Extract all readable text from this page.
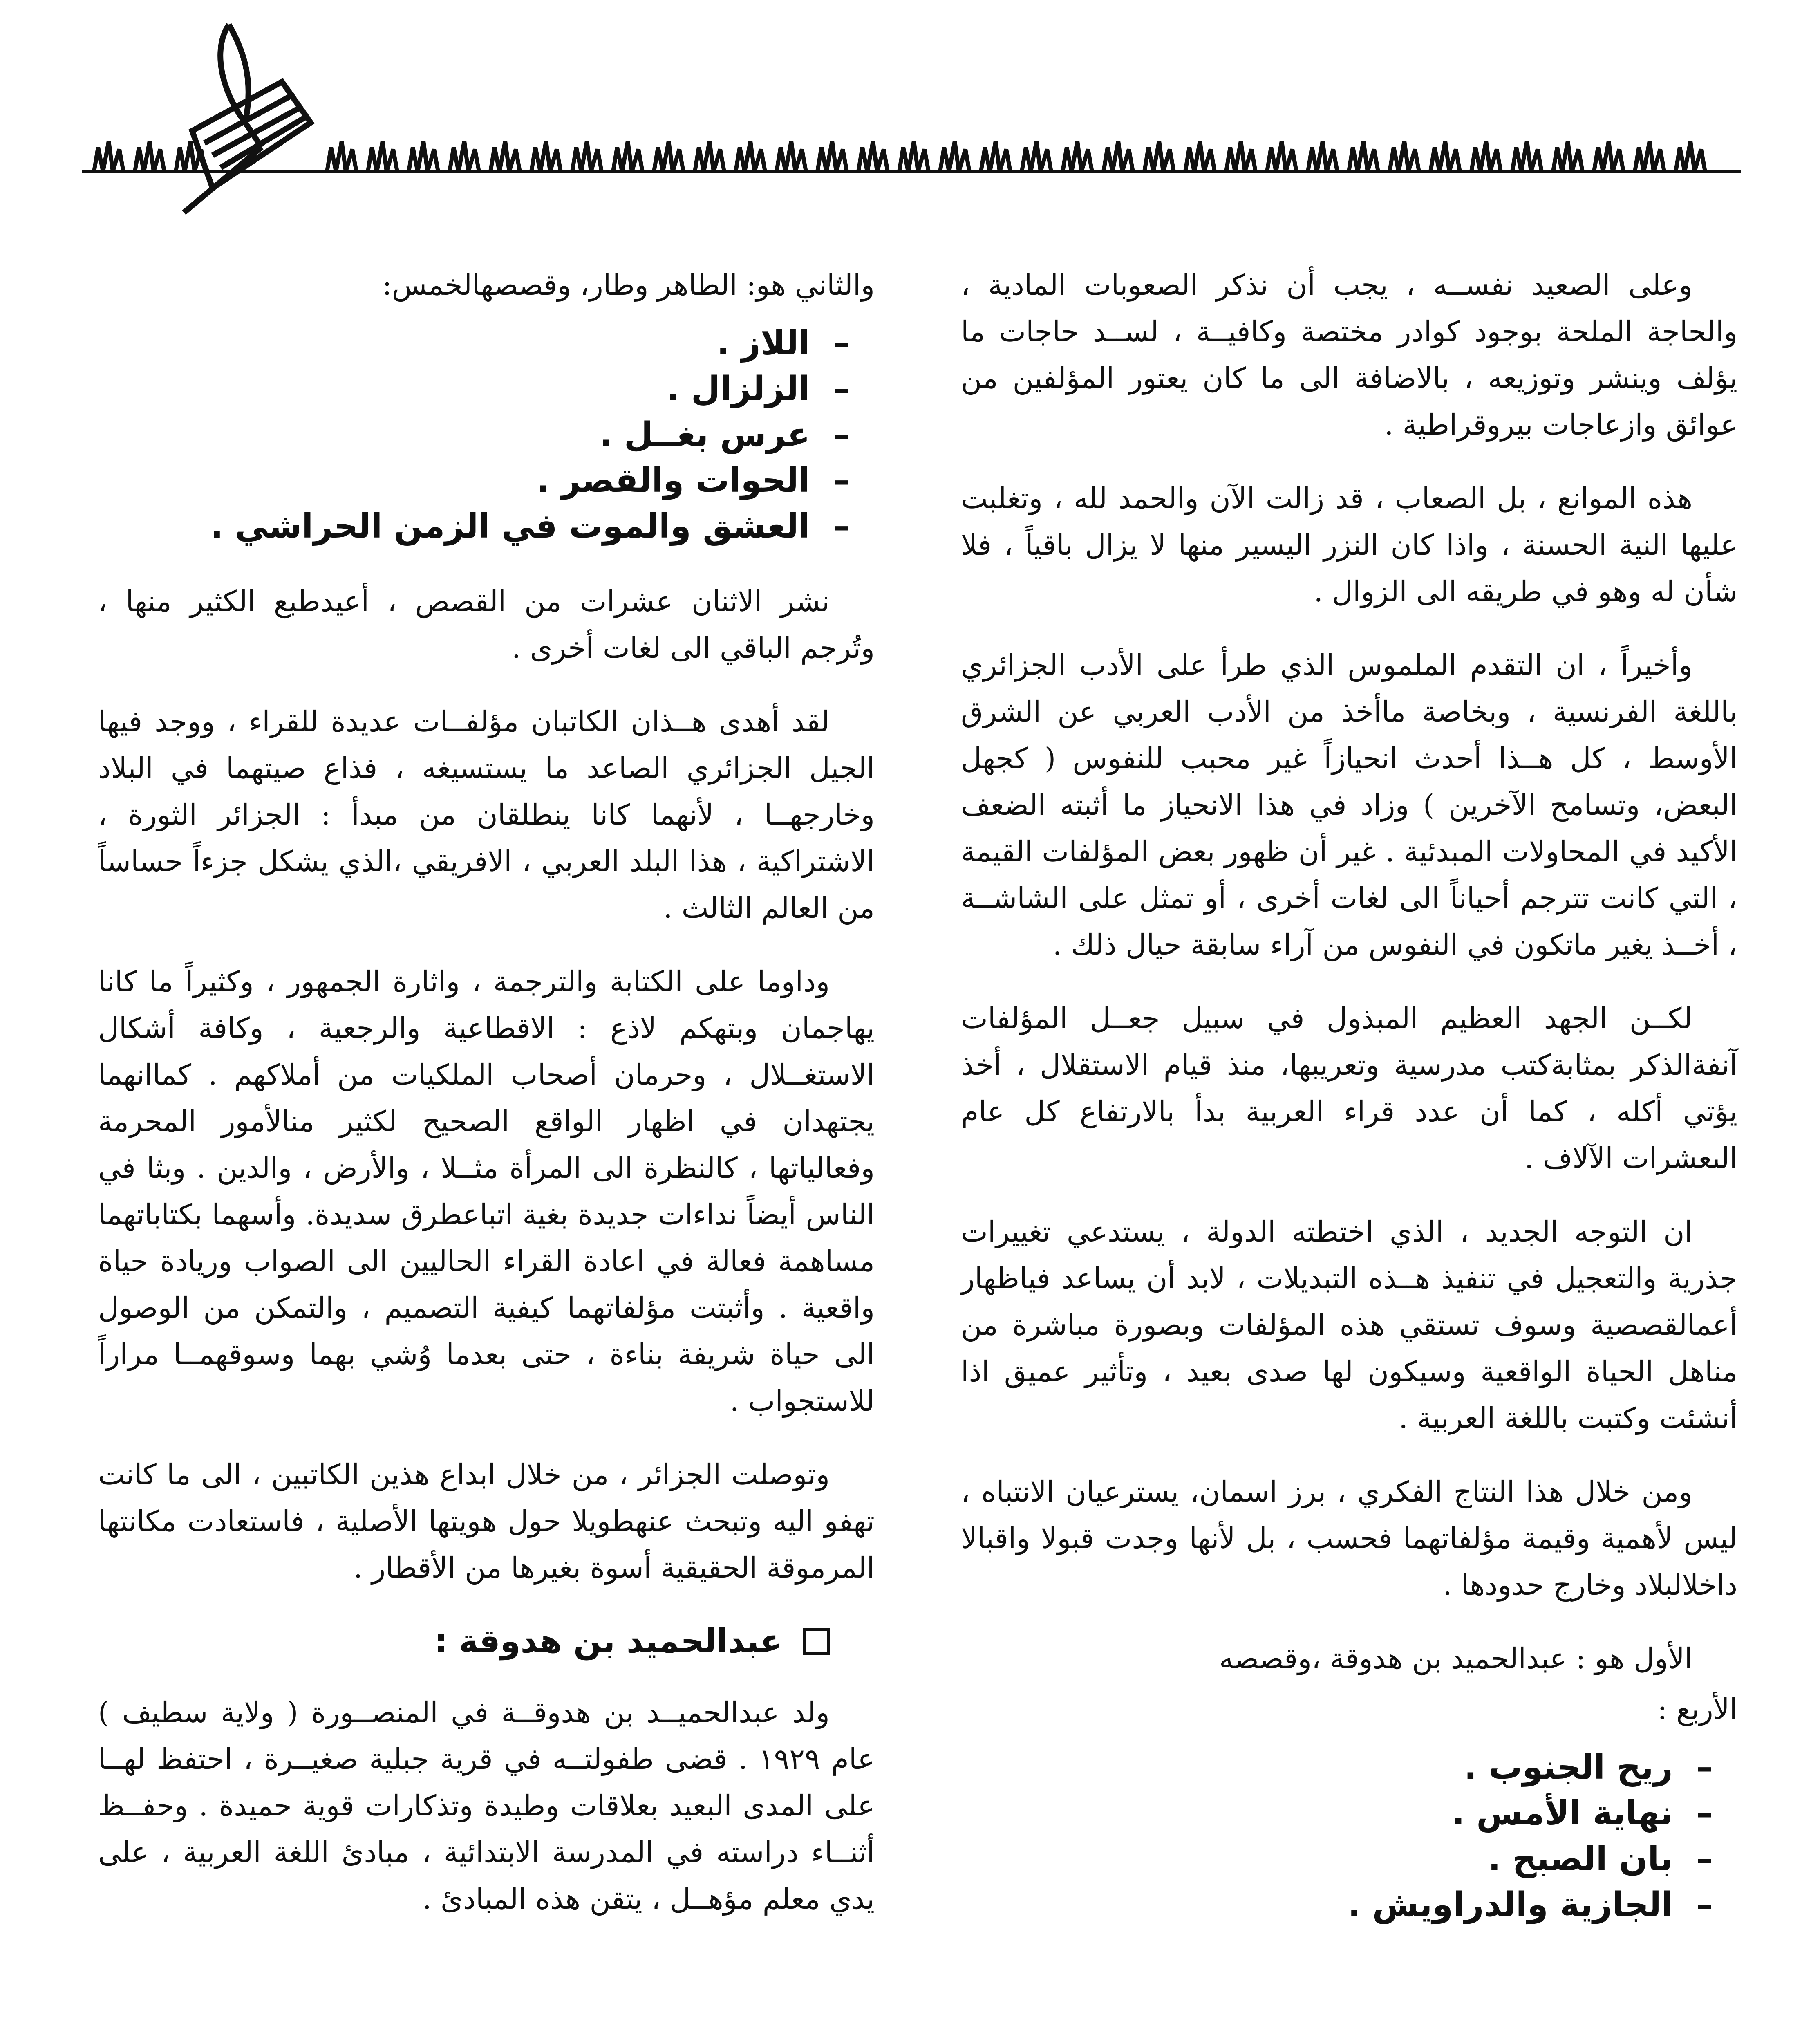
وعلى الصعيد نفســه ، يجب أن نذكر الصعوبات المادية ، والحاجة الملحة بوجود كوادر مختصة وكافيــة ، لســد حاجات ما يؤلف وينشر وتوزيعه ، بالاضافة الى ما كان يعتور المؤلفين من عوائق وازعاجات بيروقراطية .

هذه الموانع ، بل الصعاب ، قد زالت الآن والحمد لله ، وتغلبت عليها النية الحسنة ، واذا كان النزر اليسير منها لا يزال باقياً ، فلا شأن له وهو في طريقه الى الزوال .

وأخيراً ، ان التقدم الملموس الذي طرأ على الأدب الجزائري باللغة الفرنسية ، وبخاصة ماأخذ من الأدب العربي عن الشرق الأوسط ، كل هــذا أحدث انحيازاً غير محبب للنفوس ( كجهل البعض، وتسامح الآخرين ) وزاد في هذا الانحياز ما أثبته الضعف الأكيد في المحاولات المبدئية . غير أن ظهور بعض المؤلفات القيمة ، التي كانت تترجم أحياناً الى لغات أخرى ، أو تمثل على الشاشــة ، أخــذ يغير ماتكون في النفوس من آراء سابقة حيال ذلك .

لكــن الجهد العظيم المبذول في سبيل جعــل المؤلفات آنفةالذكر بمثابةكتب مدرسية وتعريبها، منذ قيام الاستقلال ، أخذ يؤتي أكله ، كما أن عدد قراء العربية بدأ بالارتفاع كل عام الىعشرات الآلاف .

ان التوجه الجديد ، الذي اختطته الدولة ، يستدعي تغييرات جذرية والتعجيل في تنفيذ هــذه التبديلات ، لابد أن يساعد فياظهار أعمالقصصية وسوف تستقي هذه المؤلفات وبصورة مباشرة من مناهل الحياة الواقعية وسيكون لها صدى بعيد ، وتأثير عميق اذا أنشئت وكتبت باللغة العربية .

ومن خلال هذا النتاج الفكري ، برز اسمان، يسترعيان الانتباه ، ليس لأهمية وقيمة مؤلفاتهما فحسب ، بل لأنها وجدت قبولا واقبالا داخلالبلاد وخارج حدودها .

الأول هو : عبدالحميد بن هدوقة ،وقصصه

الأربع :

–  ريح الجنوب .
–  نهاية الأمس .
–  بان الصبح .
–  الجازية والدراويش .

والثاني هو: الطاهر وطار، وقصصهالخمس:

–  اللاز .
–  الزلزال .
–  عرس بغــل .
–  الحوات والقصر .
–  العشق والموت في الزمن الحراشي .

نشر الاثنان عشرات من القصص ، أعيدطبع الكثير منها ، وتُرجم الباقي الى لغات أخرى .

لقد أهدى هــذان الكاتبان مؤلفــات عديدة للقراء ، ووجد فيها الجيل الجزائري الصاعد ما يستسيغه ، فذاع صيتهما في البلاد وخارجهــا ، لأنهما كانا ينطلقان من مبدأ : الجزائر الثورة ، الاشتراكية ، هذا البلد العربي ، الافريقي ،الذي يشكل جزءاً حساساً من العالم الثالث .

وداوما على الكتابة والترجمة ، واثارة الجمهور ، وكثيراً ما كانا يهاجمان وبتهكم لاذع : الاقطاعية والرجعية ، وكافة أشكال الاستغــلال ، وحرمان أصحاب الملكيات من أملاكهم . كماانهما يجتهدان في اظهار الواقع الصحيح لكثير منالأمور المحرمة وفعالياتها ، كالنظرة الى المرأة مثــلا ، والأرض ، والدين . وبثا في الناس أيضاً نداءات جديدة بغية اتباعطرق سديدة. وأسهما بكتاباتهما مساهمة فعالة في اعادة القراء الحاليين الى الصواب وريادة حياة واقعية . وأثبتت مؤلفاتهما كيفية التصميم ، والتمكن من الوصول الى حياة شريفة بناءة ، حتى بعدما وُشي بهما وسوقهمــا مراراً للاستجواب .

وتوصلت الجزائر ، من خلال ابداع هذين الكاتبين ، الى ما كانت تهفو اليه وتبحث عنهطويلا حول هويتها الأصلية ، فاستعادت مكانتها المرموقة الحقيقية أسوة بغيرها من الأقطار .

عبدالحميد بن هدوقة :

ولد عبدالحميــد بن هدوقــة في المنصــورة ( ولاية سطيف ) عام ١٩٢٩ . قضى طفولتــه في قرية جبلية صغيــرة ، احتفظ لهــا على المدى البعيد بعلاقات وطيدة وتذكارات قوية حميدة . وحفــظ أثنــاء دراسته في المدرسة الابتدائية ، مبادئ اللغة العربية ، على يدي معلم مؤهــل ، يتقن هذه المبادئ .
